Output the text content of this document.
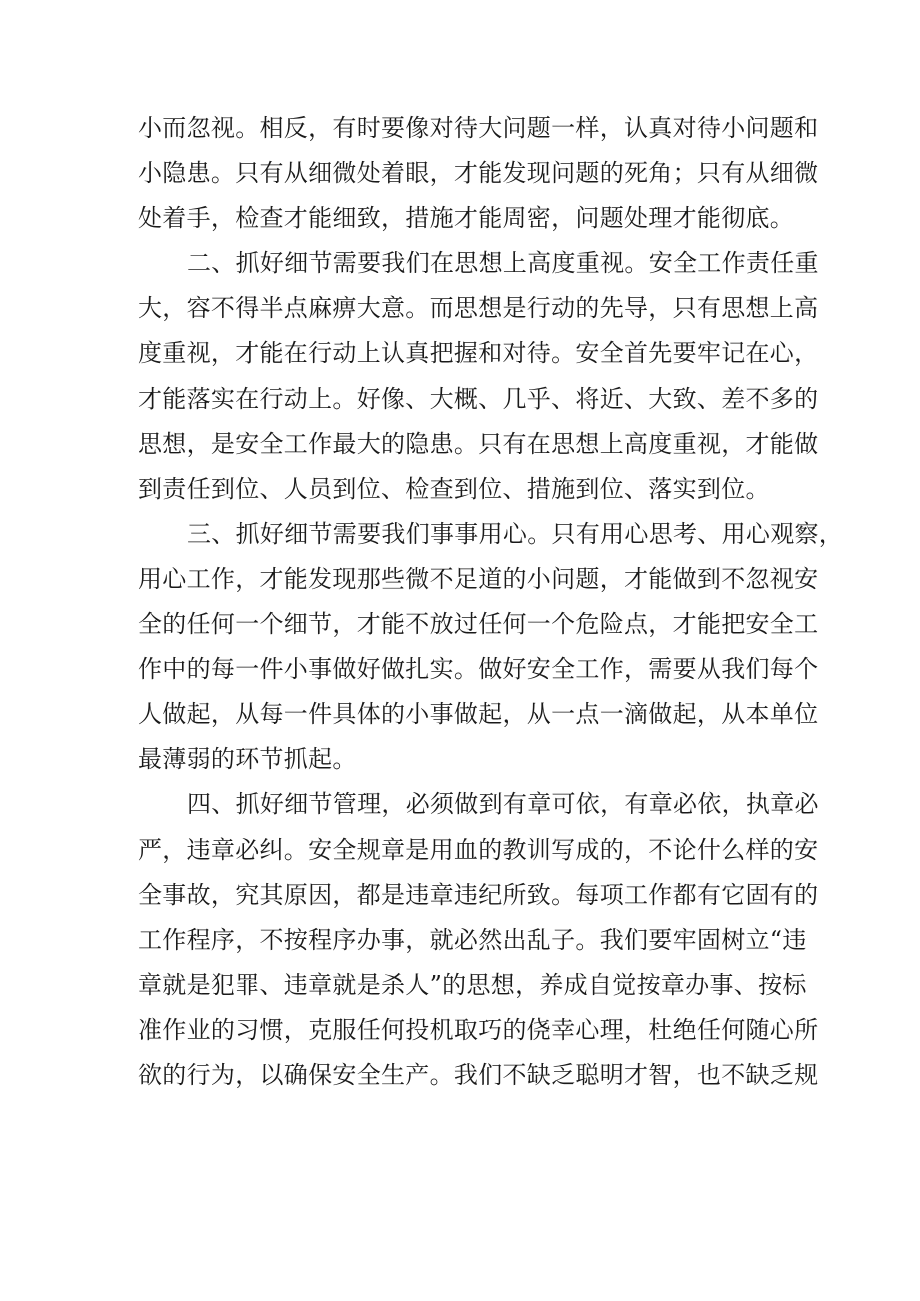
小而忽视。相反，有时要像对待大问题一样，认真对待小问题和
小隐患。只有从细微处着眼，才能发现问题的死角；只有从细微
处着手，检查才能细致，措施才能周密，问题处理才能彻底。
二、抓好细节需要我们在思想上高度重视。安全工作责任重
大，容不得半点麻痹大意。而思想是行动的先导，只有思想上高
度重视，才能在行动上认真把握和对待。安全首先要牢记在心，
才能落实在行动上。好像、大概、几乎、将近、大致、差不多的
思想，是安全工作最大的隐患。只有在思想上高度重视，才能做
到责任到位、人员到位、检查到位、措施到位、落实到位。
三、抓好细节需要我们事事用心。只有用心思考、用心观察，
用心工作，才能发现那些微不足道的小问题，才能做到不忽视安
全的任何一个细节，才能不放过任何一个危险点，才能把安全工
作中的每一件小事做好做扎实。做好安全工作，需要从我们每个
人做起，从每一件具体的小事做起，从一点一滴做起，从本单位
最薄弱的环节抓起。
四、抓好细节管理，必须做到有章可依，有章必依，执章必
严，违章必纠。安全规章是用血的教训写成的，不论什么样的安
全事故，究其原因，都是违章违纪所致。每项工作都有它固有的
工作程序，不按程序办事，就必然出乱子。我们要牢固树立“违
章就是犯罪、违章就是杀人”的思想，养成自觉按章办事、按标
准作业的习惯，克服任何投机取巧的侥幸心理，杜绝任何随心所
欲的行为，以确保安全生产。我们不缺乏聪明才智，也不缺乏规
